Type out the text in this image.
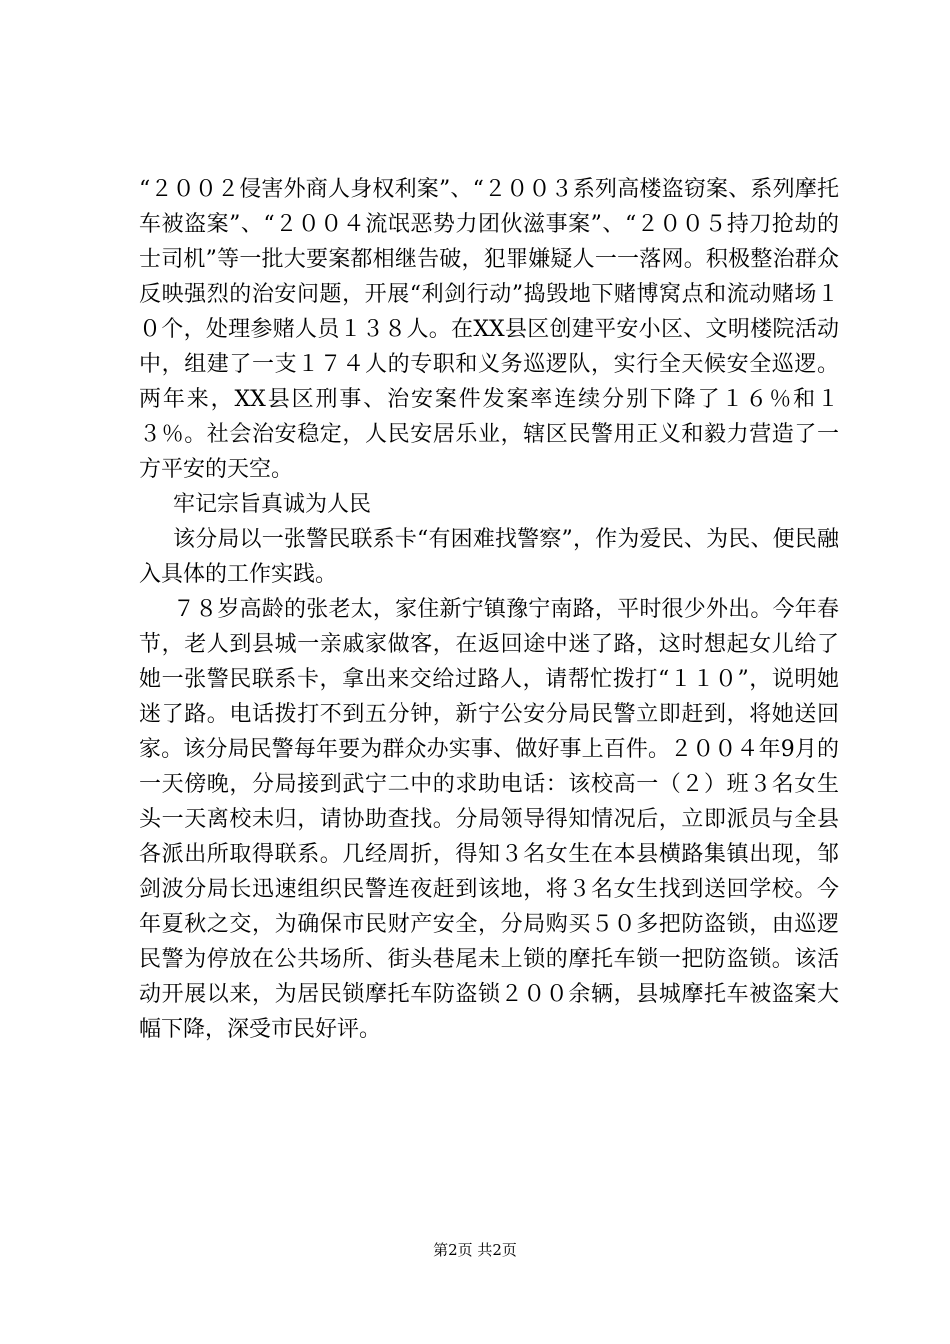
“２００２侵害外商人身权利案”、“２００３系列高楼盗窃案、系列摩托车被盗案”、“２００４流氓恶势力团伙滋事案”、“２００５持刀抢劫的士司机”等一批大要案都相继告破，犯罪嫌疑人一一落网。积极整治群众反映强烈的治安问题，开展“利剑行动”捣毁地下赌博窝点和流动赌场１０个，处理参赌人员１３８人。在XX县区创建平安小区、文明楼院活动中，组建了一支１７４人的专职和义务巡逻队，实行全天候安全巡逻。两年来，XX县区刑事、治安案件发案率连续分别下降了１６％和１３％。社会治安稳定，人民安居乐业，辖区民警用正义和毅力营造了一方平安的天空。

牢记宗旨真诚为人民

该分局以一张警民联系卡“有困难找警察”，作为爱民、为民、便民融入具体的工作实践。

７８岁高龄的张老太，家住新宁镇豫宁南路，平时很少外出。今年春节，老人到县城一亲戚家做客，在返回途中迷了路，这时想起女儿给了她一张警民联系卡，拿出来交给过路人，请帮忙拨打“１１０”，说明她迷了路。电话拨打不到五分钟，新宁公安分局民警立即赶到，将她送回家。该分局民警每年要为群众办实事、做好事上百件。２００４年9月的一天傍晚，分局接到武宁二中的求助电话：该校高一（２）班３名女生头一天离校未归，请协助查找。分局领导得知情况后，立即派员与全县各派出所取得联系。几经周折，得知３名女生在本县横路集镇出现，邹剑波分局长迅速组织民警连夜赶到该地，将３名女生找到送回学校。今年夏秋之交，为确保市民财产安全，分局购买５０多把防盗锁，由巡逻民警为停放在公共场所、街头巷尾未上锁的摩托车锁一把防盗锁。该活动开展以来，为居民锁摩托车防盗锁２００余辆，县城摩托车被盗案大幅下降，深受市民好评。

第2页 共2页
